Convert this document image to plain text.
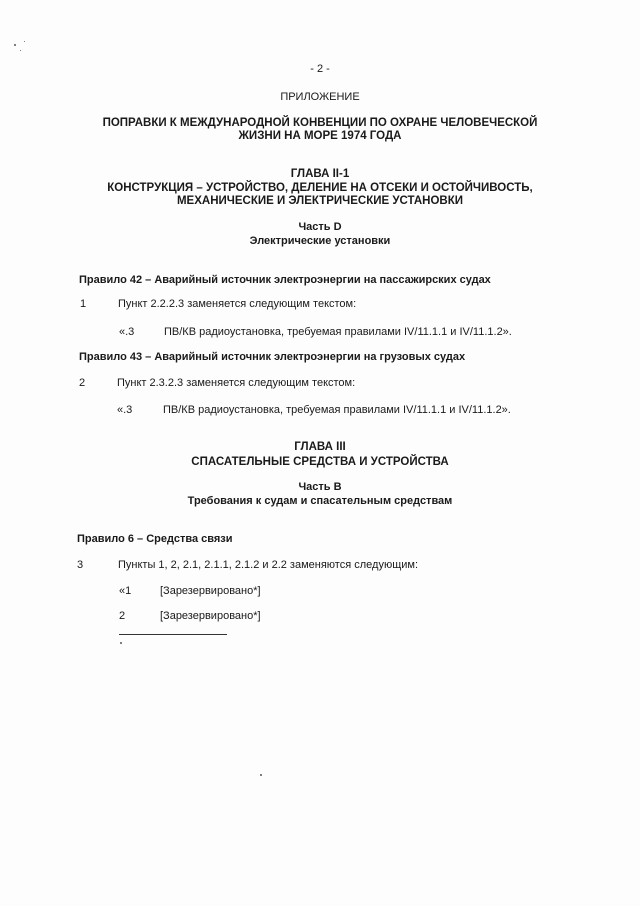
- 2 -
ПРИЛОЖЕНИЕ
ПОПРАВКИ К МЕЖДУНАРОДНОЙ КОНВЕНЦИИ ПО ОХРАНЕ ЧЕЛОВЕЧЕСКОЙ
ЖИЗНИ НА МОРЕ 1974 ГОДА
ГЛАВА II-1
КОНСТРУКЦИЯ – УСТРОЙСТВО, ДЕЛЕНИЕ НА ОТСЕКИ И ОСТОЙЧИВОСТЬ,
МЕХАНИЧЕСКИЕ И ЭЛЕКТРИЧЕСКИЕ УСТАНОВКИ
Часть D
Электрические установки
Правило 42 – Аварийный источник электроэнергии на пассажирских судах
1	Пункт 2.2.2.3 заменяется следующим текстом:
«.3	ПВ/КВ радиоустановка, требуемая правилами IV/11.1.1 и IV/11.1.2».
Правило 43 – Аварийный источник электроэнергии на грузовых судах
2	Пункт 2.3.2.3 заменяется следующим текстом:
«.3	ПВ/КВ радиоустановка, требуемая правилами IV/11.1.1 и IV/11.1.2».
ГЛАВА III
СПАСАТЕЛЬНЫЕ СРЕДСТВА И УСТРОЙСТВА
Часть В
Требования к судам и спасательным средствам
Правило 6 – Средства связи
3	Пункты 1, 2, 2.1, 2.1.1, 2.1.2 и 2.2 заменяются следующим:
«1	[Зарезервировано*]
2	[Зарезервировано*]
